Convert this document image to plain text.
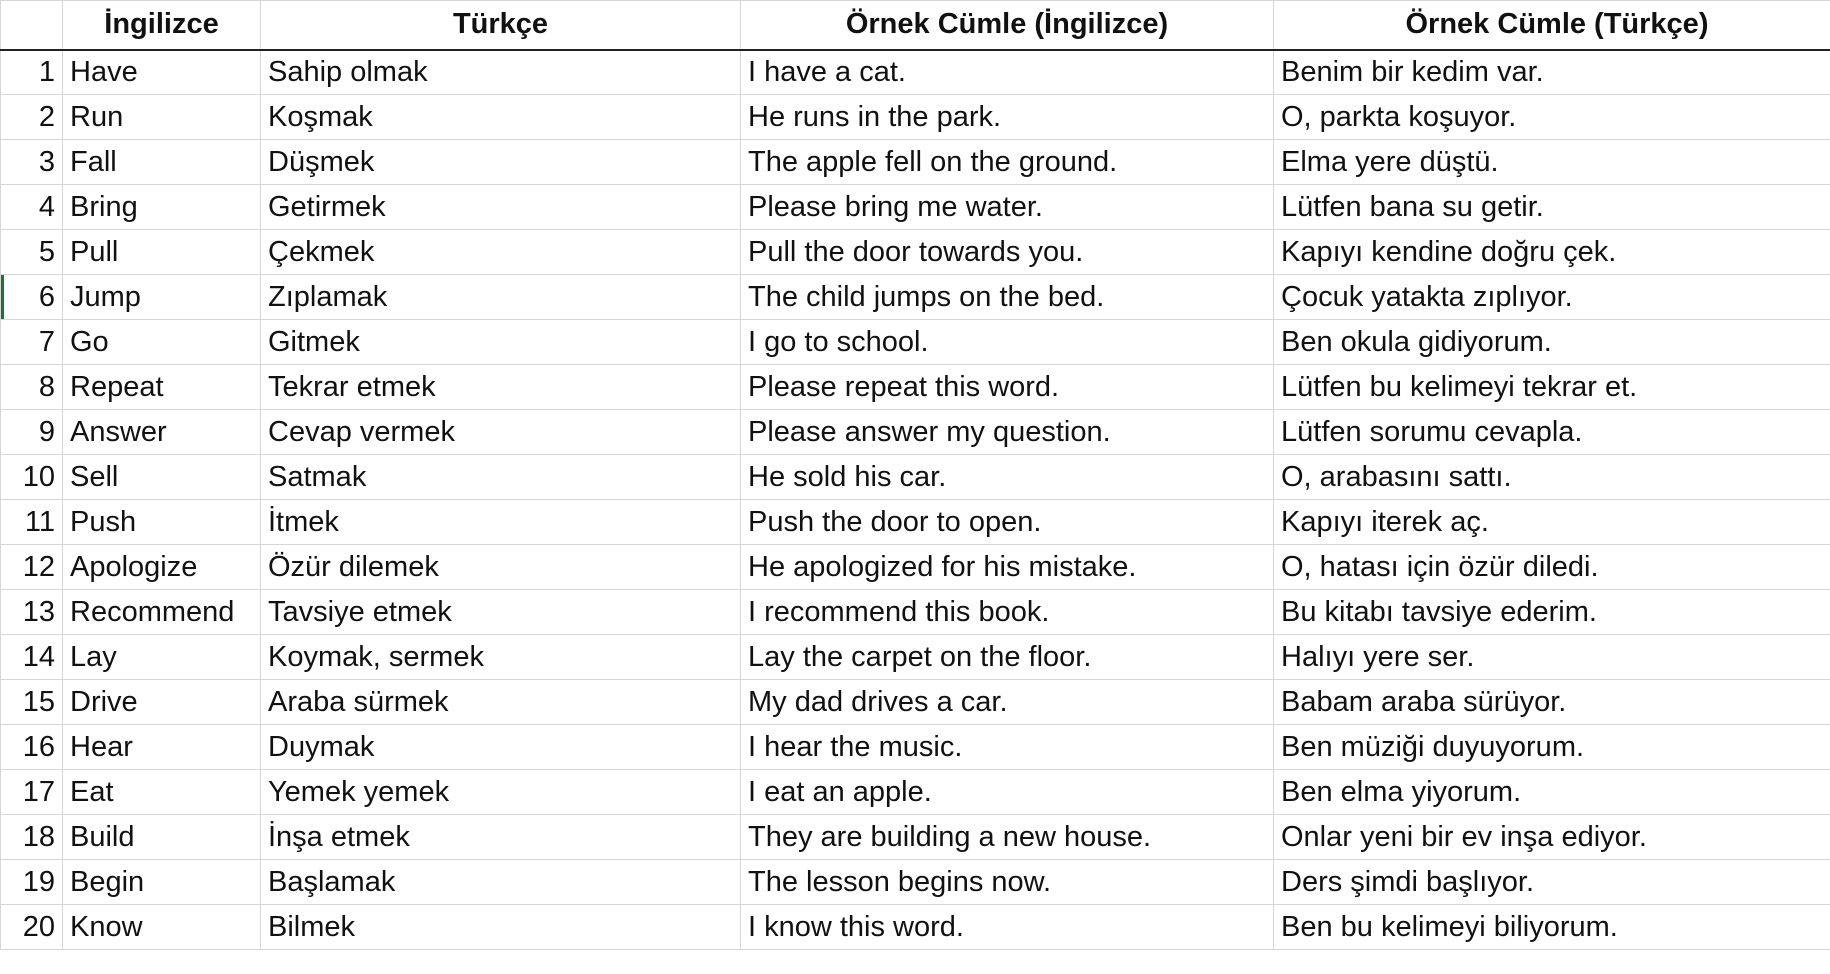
	İngilizce	Türkçe	Örnek Cümle (İngilizce)	Örnek Cümle (Türkçe)
1	Have	Sahip olmak	I have a cat.	Benim bir kedim var.
2	Run	Koşmak	He runs in the park.	O, parkta koşuyor.
3	Fall	Düşmek	The apple fell on the ground.	Elma yere düştü.
4	Bring	Getirmek	Please bring me water.	Lütfen bana su getir.
5	Pull	Çekmek	Pull the door towards you.	Kapıyı kendine doğru çek.
6	Jump	Zıplamak	The child jumps on the bed.	Çocuk yatakta zıplıyor.
7	Go	Gitmek	I go to school.	Ben okula gidiyorum.
8	Repeat	Tekrar etmek	Please repeat this word.	Lütfen bu kelimeyi tekrar et.
9	Answer	Cevap vermek	Please answer my question.	Lütfen sorumu cevapla.
10	Sell	Satmak	He sold his car.	O, arabasını sattı.
11	Push	İtmek	Push the door to open.	Kapıyı iterek aç.
12	Apologize	Özür dilemek	He apologized for his mistake.	O, hatası için özür diledi.
13	Recommend	Tavsiye etmek	I recommend this book.	Bu kitabı tavsiye ederim.
14	Lay	Koymak, sermek	Lay the carpet on the floor.	Halıyı yere ser.
15	Drive	Araba sürmek	My dad drives a car.	Babam araba sürüyor.
16	Hear	Duymak	I hear the music.	Ben müziği duyuyorum.
17	Eat	Yemek yemek	I eat an apple.	Ben elma yiyorum.
18	Build	İnşa etmek	They are building a new house.	Onlar yeni bir ev inşa ediyor.
19	Begin	Başlamak	The lesson begins now.	Ders şimdi başlıyor.
20	Know	Bilmek	I know this word.	Ben bu kelimeyi biliyorum.
